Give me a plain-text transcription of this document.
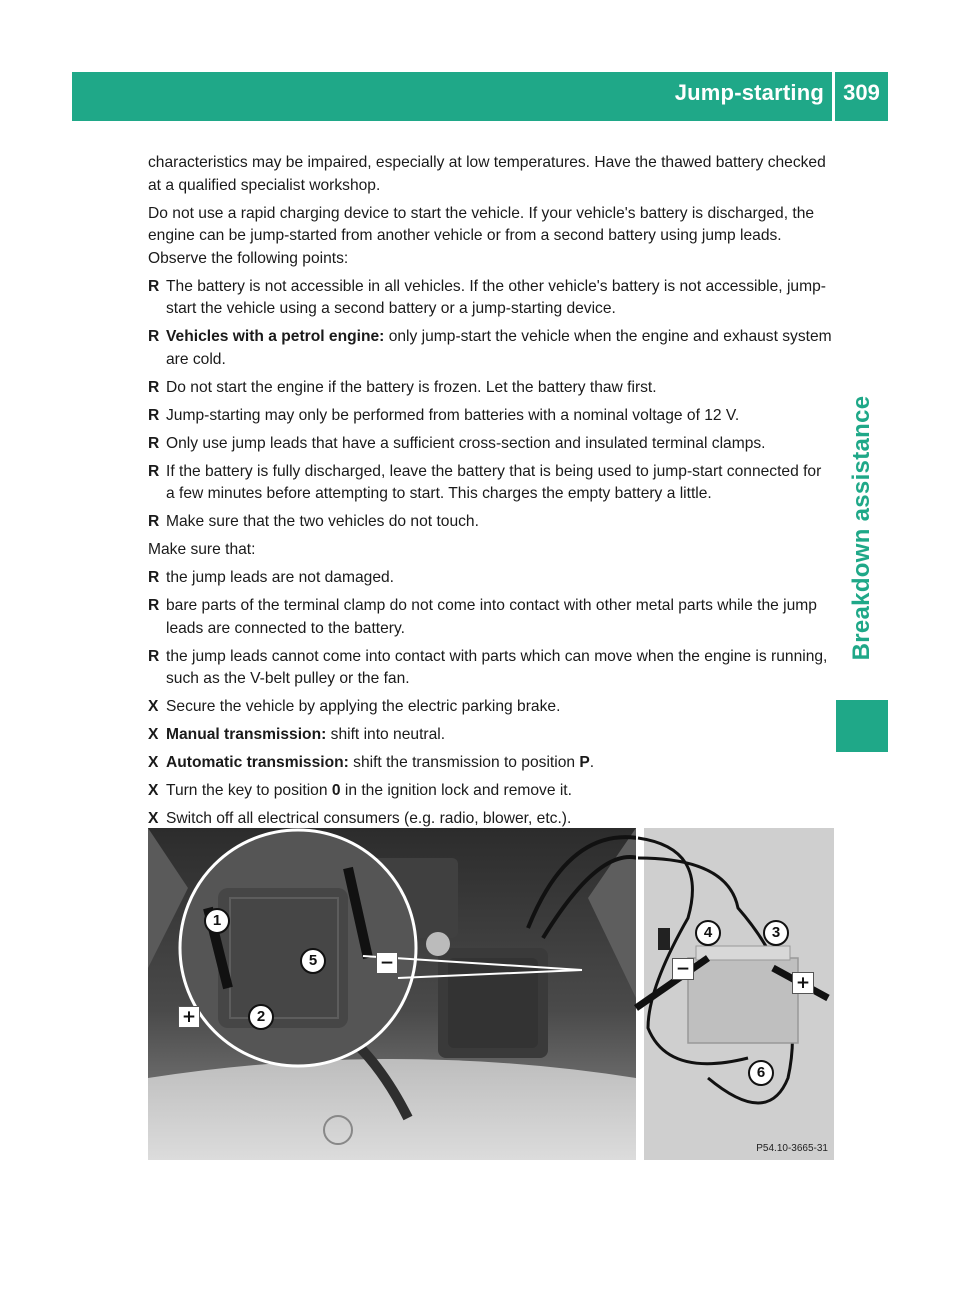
Jump-starting 309
Breakdown assistance

characteristics may be impaired, especially at low temperatures. Have the thawed battery checked at a qualified specialist workshop.

Do not use a rapid charging device to start the vehicle. If your vehicle's battery is discharged, the engine can be jump-started from another vehicle or from a second battery using jump leads. Observe the following points:

R The battery is not accessible in all vehicles. If the other vehicle's battery is not accessible, jump-start the vehicle using a second battery or a jump-starting device.
R Vehicles with a petrol engine: only jump-start the vehicle when the engine and exhaust system are cold.
R Do not start the engine if the battery is frozen. Let the battery thaw first.
R Jump-starting may only be performed from batteries with a nominal voltage of 12 V.
R Only use jump leads that have a sufficient cross-section and insulated terminal clamps.
R If the battery is fully discharged, leave the battery that is being used to jump-start connected for a few minutes before attempting to start. This charges the empty battery a little.
R Make sure that the two vehicles do not touch.

Make sure that:

R the jump leads are not damaged.
R bare parts of the terminal clamp do not come into contact with other metal parts while the jump leads are connected to the battery.
R the jump leads cannot come into contact with parts which can move when the engine is running, such as the V-belt pulley or the fan.
X Secure the vehicle by applying the electric parking brake.
X Manual transmission: shift into neutral.
X Automatic transmission: shift the transmission to position P.
X Turn the key to position 0 in the ignition lock and remove it.
X Switch off all electrical consumers (e.g. radio, blower, etc.).
1
2
5
4	3
6
+
−	−
+
P54.10-3665-31
